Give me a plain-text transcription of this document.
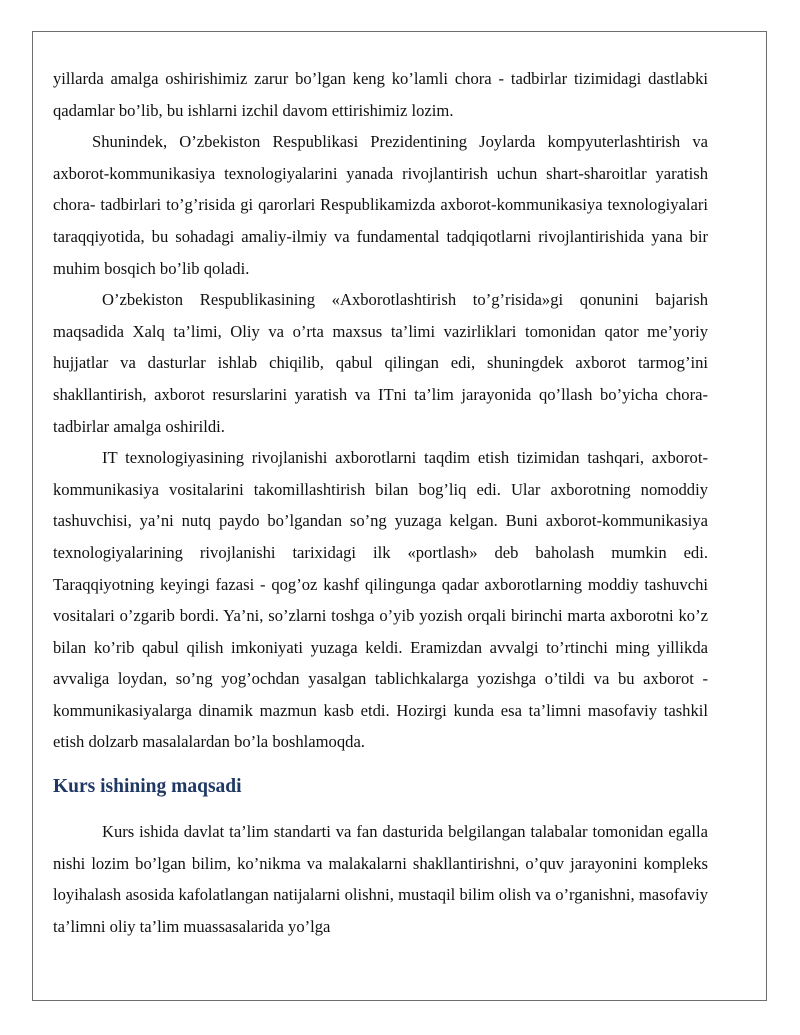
yillarda amalga oshirishimiz zarur bo’lgan keng ko’lamli chora - tadbirlar tizimidagi dastlabki qadamlar bo’lib, bu ishlarni izchil davom ettirishimiz lozim.

Shunindek, O’zbekiston Respublikasi Prezidentining Joylarda kompyuterlashtirish va axborot-kommunikasiya texnologiyalarini yanada rivojlantirish uchun shart-sharoitlar yaratish chora- tadbirlari to’g’risida gi qarorlari Respublikamizda axborot-kommunikasiya texnologiyalari taraqqiyotida, bu sohadagi amaliy-ilmiy va fundamental tadqiqotlarni rivojlantirishida yana bir muhim bosqich bo’lib qoladi.

O’zbekiston Respublikasining «Axborotlashtirish to’g’risida»gi qonunini bajarish maqsadida Xalq ta’limi, Oliy va o’rta maxsus ta’limi vazirliklari tomonidan qator me’yoriy hujjatlar va dasturlar ishlab chiqilib, qabul qilingan edi, shuningdek axborot tarmog’ini shakllantirish, axborot resurslarini yaratish va ITni ta’lim jarayonida qo’llash bo’yicha chora-tadbirlar amalga oshirildi.

IT texnologiyasining rivojlanishi axborotlarni taqdim etish tizimidan tashqari, axborot-kommunikasiya vositalarini takomillashtirish bilan bog’liq edi. Ular axborotning nomoddiy tashuvchisi, ya’ni nutq paydo bo’lgandan so’ng yuzaga kelgan. Buni axborot-kommunikasiya texnologiyalarining rivojlanishi tarixidagi ilk «portlash» deb baholash mumkin edi. Taraqqiyotning keyingi fazasi - qog’oz kashf qilingunga qadar axborotlarning moddiy tashuvchi vositalari o’zgarib bordi. Ya’ni, so’zlarni toshga o’yib yozish orqali birinchi marta axborotni ko’z bilan ko’rib qabul qilish imkoniyati yuzaga keldi. Eramizdan avvalgi to’rtinchi ming yillikda avvaliga loydan, so’ng yog’ochdan yasalgan tablichkalarga yozishga o’tildi va bu axborot - kommunikasiyalarga dinamik mazmun kasb etdi. Hozirgi kunda esa ta’limni masofaviy tashkil etish dolzarb masalalardan bo’la boshlamoqda.

Kurs ishining maqsadi

Kurs ishida davlat ta’lim standarti va fan dasturida belgilangan talabalar tomonidan egalla nishi lozim bo’lgan bilim, ko’nikma va malakalarni shakllantirishni, o’quv jarayonini kompleks loyihalash asosida kafolatlangan natijalarni olishni, mustaqil bilim olish va o’rganishni, masofaviy ta’limni oliy ta’lim muassasalarida yo’lga
